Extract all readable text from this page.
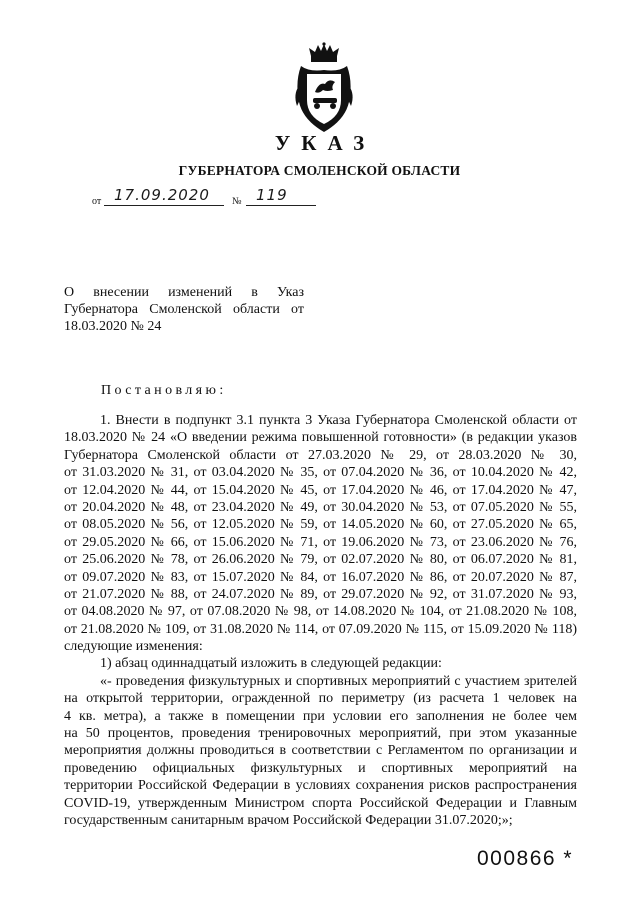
УКАЗ
ГУБЕРНАТОРА СМОЛЕНСКОЙ ОБЛАСТИ
от 17.09.2020 № 119
О внесении изменений в Указ
Губернатора Смоленской области от
18.03.2020 № 24
Постановляю:
1. Внести в подпункт 3.1 пункта 3 Указа Губернатора Смоленской области от
18.03.2020 № 24 «О введении режима повышенной готовности» (в редакции указов
Губернатора Смоленской области от 27.03.2020 № 29, от 28.03.2020 № 30,
от 31.03.2020 № 31, от 03.04.2020 № 35, от 07.04.2020 № 36, от 10.04.2020 № 42,
от 12.04.2020 № 44, от 15.04.2020 № 45, от 17.04.2020 № 46, от 17.04.2020 № 47,
от 20.04.2020 № 48, от 23.04.2020 № 49, от 30.04.2020 № 53, от 07.05.2020 № 55,
от 08.05.2020 № 56, от 12.05.2020 № 59, от 14.05.2020 № 60, от 27.05.2020 № 65,
от 29.05.2020 № 66, от 15.06.2020 № 71, от 19.06.2020 № 73, от 23.06.2020 № 76,
от 25.06.2020 № 78, от 26.06.2020 № 79, от 02.07.2020 № 80, от 06.07.2020 № 81,
от 09.07.2020 № 83, от 15.07.2020 № 84, от 16.07.2020 № 86, от 20.07.2020 № 87,
от 21.07.2020 № 88, от 24.07.2020 № 89, от 29.07.2020 № 92, от 31.07.2020 № 93,
от 04.08.2020 № 97, от 07.08.2020 № 98, от 14.08.2020 № 104, от 21.08.2020 № 108,
от 21.08.2020 № 109, от 31.08.2020 № 114, от 07.09.2020 № 115, от 15.09.2020 № 118)
следующие изменения:
1) абзац одиннадцатый изложить в следующей редакции:
«- проведения физкультурных и спортивных мероприятий с участием зрителей
на открытой территории, огражденной по периметру (из расчета 1 человек на
4 кв. метра), а также в помещении при условии его заполнения не более чем
на 50 процентов, проведения тренировочных мероприятий, при этом указанные
мероприятия должны проводиться в соответствии с Регламентом по организации и
проведению официальных физкультурных и спортивных мероприятий на
территории Российской Федерации в условиях сохранения рисков распространения
COVID-19, утвержденным Министром спорта Российской Федерации и Главным
государственным санитарным врачом Российской Федерации 31.07.2020;»;
000866 *
